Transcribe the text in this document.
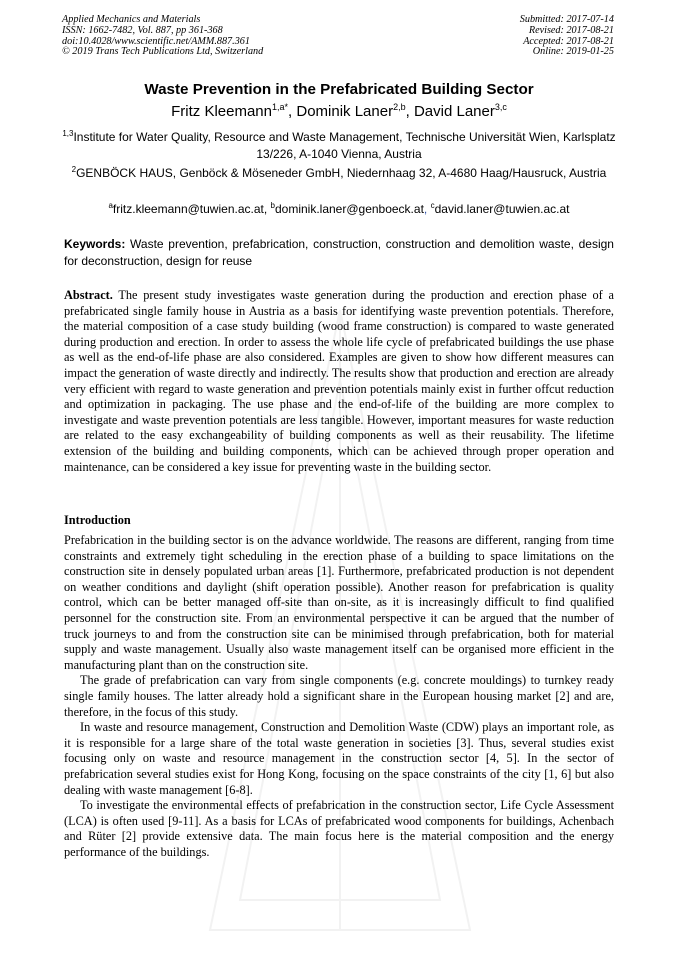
Applied Mechanics and Materials
ISSN: 1662-7482, Vol. 887, pp 361-368
doi:10.4028/www.scientific.net/AMM.887.361
© 2019 Trans Tech Publications Ltd, Switzerland
Submitted: 2017-07-14
Revised: 2017-08-21
Accepted: 2017-08-21
Online: 2019-01-25
Waste Prevention in the Prefabricated Building Sector
Fritz Kleemann$^{1,a*}$, Dominik Laner$^{2,b}$, David Laner$^{3,c}$
$^{1,3}$Institute for Water Quality, Resource and Waste Management, Technische Universität Wien, Karlsplatz 13/226, A-1040 Vienna, Austria
$^2$GENBÖCK HAUS, Genböck & Möseneder GmbH, Niedernhaag 32, A-4680 Haag/Hausruck, Austria
$^a$fritz.kleemann@tuwien.ac.at, $^b$dominik.laner@genboeck.at, $^c$david.laner@tuwien.ac.at
Keywords: Waste prevention, prefabrication, construction, construction and demolition waste, design for deconstruction, design for reuse
Abstract. The present study investigates waste generation during the production and erection phase of a prefabricated single family house in Austria as a basis for identifying waste prevention potentials. Therefore, the material composition of a case study building (wood frame construction) is compared to waste generated during production and erection. In order to assess the whole life cycle of prefabricated buildings the use phase as well as the end-of-life phase are also considered. Examples are given to show how different measures can impact the generation of waste directly and indirectly. The results show that production and erection are already very efficient with regard to waste generation and prevention potentials mainly exist in further offcut reduction and optimization in packaging. The use phase and the end-of-life of the building are more complex to investigate and waste prevention potentials are less tangible. However, important measures for waste reduction are related to the easy exchangeability of building components as well as their reusability. The lifetime extension of the building and building components, which can be achieved through proper operation and maintenance, can be considered a key issue for preventing waste in the building sector.
Introduction

Prefabrication in the building sector is on the advance worldwide. The reasons are different, ranging from time constraints and extremely tight scheduling in the erection phase of a building to space limitations on the construction site in densely populated urban areas [1]. Furthermore, prefabricated production is not dependent on weather conditions and daylight (shift operation possible). Another reason for prefabrication is quality control, which can be better managed off-site than on-site, as it is increasingly difficult to find qualified personnel for the construction site. From an environmental perspective it can be argued that the number of truck journeys to and from the construction site can be minimised through prefabrication, both for material supply and waste management. Usually also waste management itself can be organised more efficient in the manufacturing plant than on the construction site.

The grade of prefabrication can vary from single components (e.g. concrete mouldings) to turnkey ready single family houses. The latter already hold a significant share in the European housing market [2] and are, therefore, in the focus of this study.

In waste and resource management, Construction and Demolition Waste (CDW) plays an important role, as it is responsible for a large share of the total waste generation in societies [3]. Thus, several studies exist focusing only on waste and resource management in the construction sector [4, 5]. In the sector of prefabrication several studies exist for Hong Kong, focusing on the space constraints of the city [1, 6] but also dealing with waste management [6-8].

To investigate the environmental effects of prefabrication in the construction sector, Life Cycle Assessment (LCA) is often used [9-11]. As a basis for LCAs of prefabricated wood components for buildings, Achenbach and Rüter [2] provide extensive data. The main focus here is the material composition and the energy performance of the buildings.
